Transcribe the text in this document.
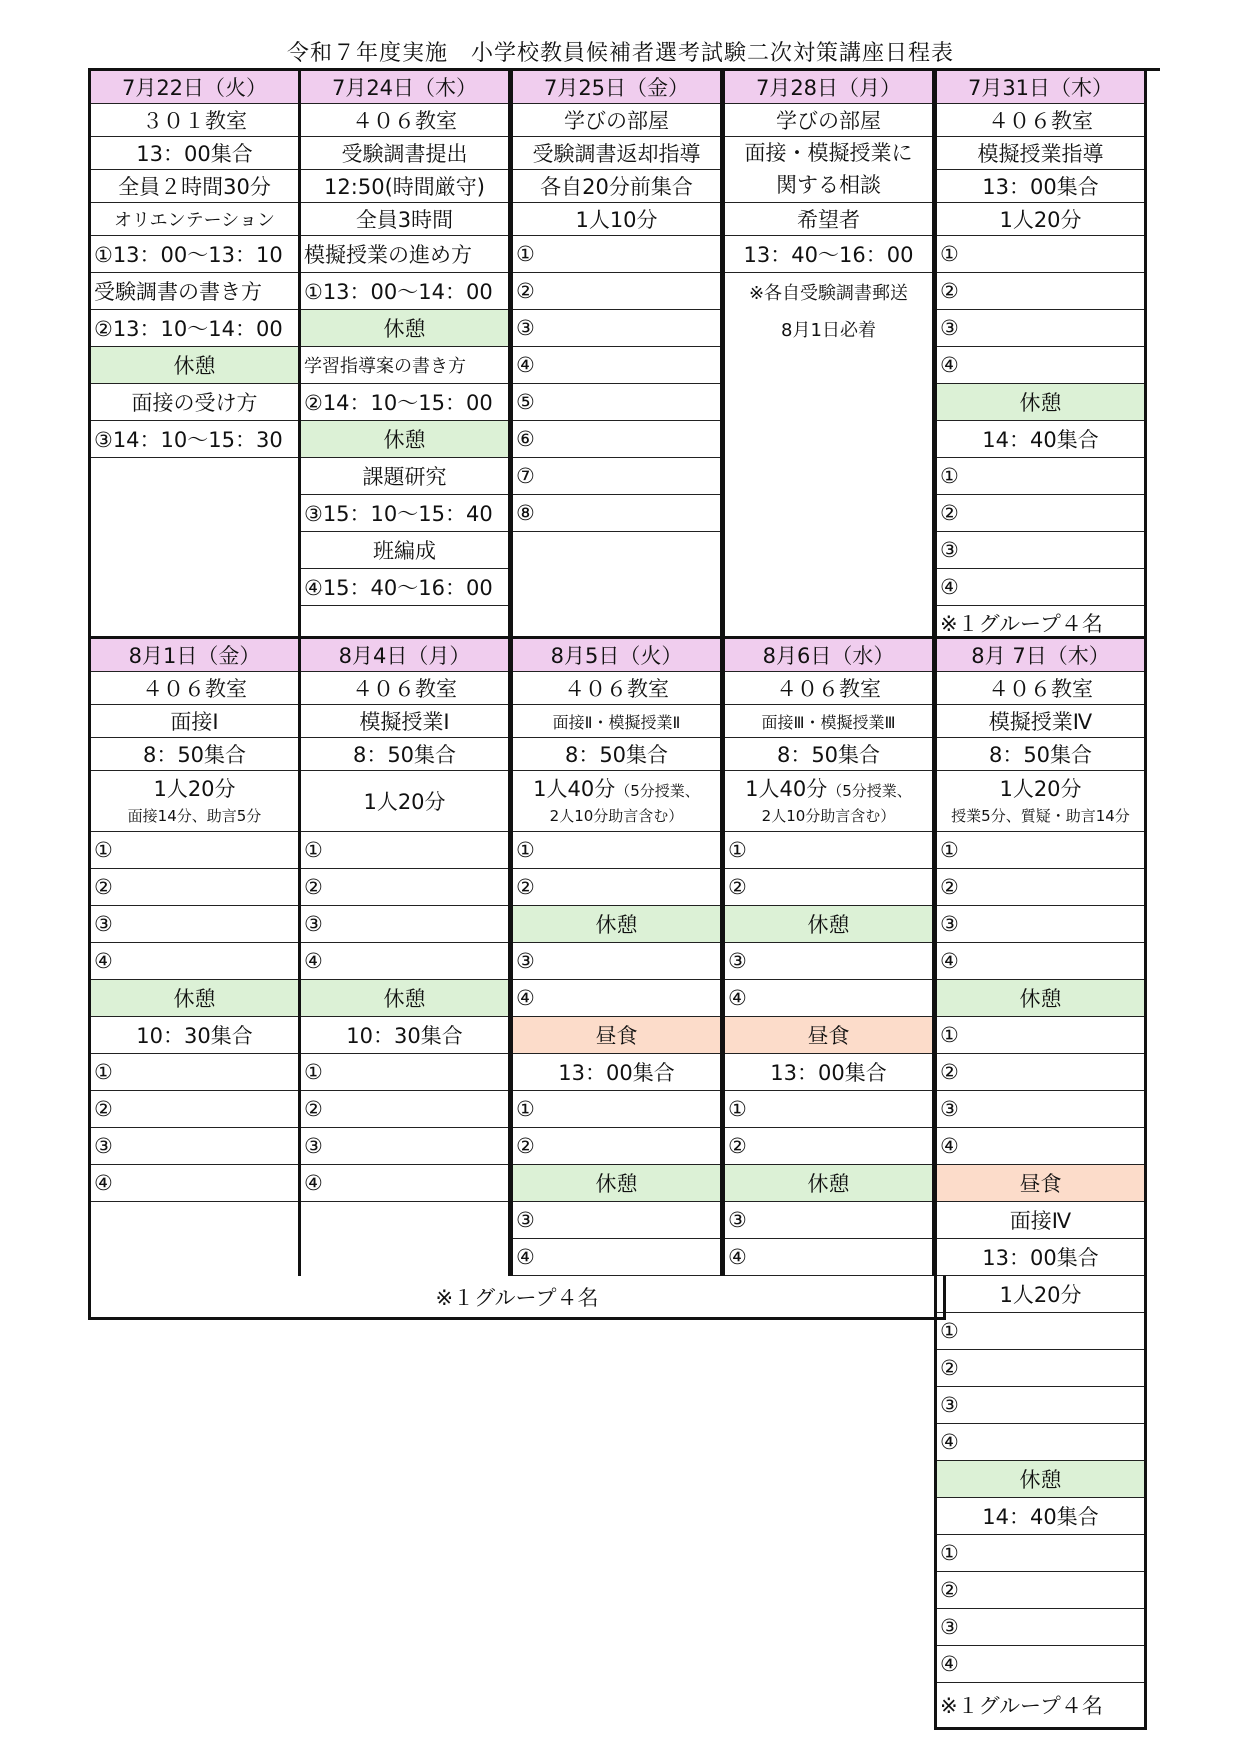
令和７年度実施　小学校教員候補者選考試験二次対策講座日程表
7月22日（火）
３０１教室
13：00集合
全員２時間30分
オリエンテーション
①13：00〜13：10
受験調書の書き方
②13：10〜14：00
休憩
面接の受け方
③14：10〜15：30
7月24日（木）
４０６教室
受験調書提出
12:50(時間厳守)
全員3時間
模擬授業の進め方
①13：00〜14：00
休憩
学習指導案の書き方
②14：10〜15：00
休憩
課題研究
③15：10〜15：40
班編成
④15：40〜16：00
7月25日（金）
学びの部屋
受験調書返却指導
各自20分前集合
1人10分
①
②
③
④
⑤
⑥
⑦
⑧
7月28日（月）
学びの部屋
面接・模擬授業に
関する相談
希望者
13：40〜16：00
※各自受験調書郵送
8月1日必着
7月31日（木）
４０６教室
模擬授業指導
13：00集合
1人20分
①
②
③
④
休憩
14：40集合
①
②
③
④
※１グループ４名
8月1日（金）
４０６教室
面接Ⅰ
8：50集合
1人20分
面接14分、助言5分
①
②
③
④
休憩
10：30集合
①
②
③
④
8月4日（月）
４０６教室
模擬授業Ⅰ
8：50集合
1人20分
①
②
③
④
休憩
10：30集合
①
②
③
④
8月5日（火）
４０６教室
面接Ⅱ・模擬授業Ⅱ
8：50集合
1人40分（5分授業、
2人10分助言含む）
①
②
休憩
③
④
昼食
13：00集合
①
②
休憩
③
④
8月6日（水）
４０６教室
面接Ⅲ・模擬授業Ⅲ
8：50集合
1人40分（5分授業、
2人10分助言含む）
①
②
休憩
③
④
昼食
13：00集合
①
②
休憩
③
④
8月 7日（木）
４０６教室
模擬授業Ⅳ
8：50集合
1人20分
授業5分、質疑・助言14分
①
②
③
④
休憩
①
②
③
④
昼食
面接Ⅳ
13：00集合
1人20分
①
②
③
④
休憩
14：40集合
①
②
③
④
※１グループ４名
※１グループ４名
